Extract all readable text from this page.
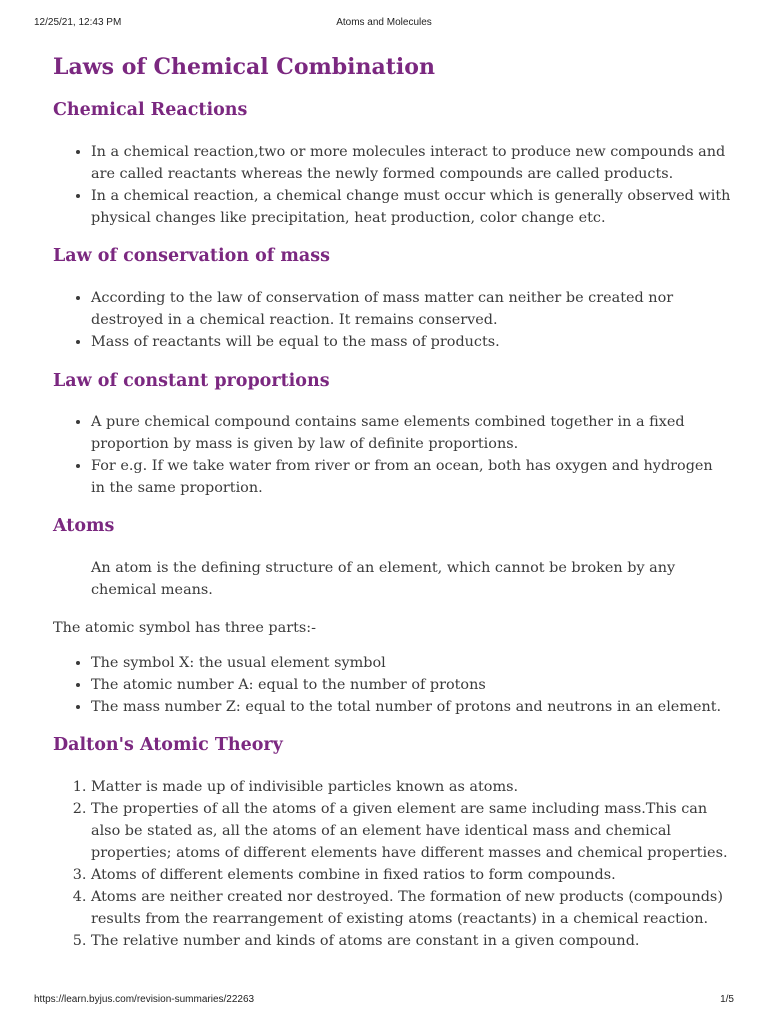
12/25/21, 12:43 PM	Atoms and Molecules
Laws of Chemical Combination
Chemical Reactions
• In a chemical reaction,two or more molecules interact to produce new compounds and are called reactants whereas the newly formed compounds are called products.
• In a chemical reaction, a chemical change must occur which is generally observed with physical changes like precipitation, heat production, color change etc.
Law of conservation of mass
• According to the law of conservation of mass matter can neither be created nor destroyed in a chemical reaction. It remains conserved.
• Mass of reactants will be equal to the mass of products.
Law of constant proportions
• A pure chemical compound contains same elements combined together in a fixed proportion by mass is given by law of definite proportions.
• For e.g. If we take water from river or from an ocean, both has oxygen and hydrogen in the same proportion.
Atoms
An atom is the defining structure of an element, which cannot be broken by any chemical means.
The atomic symbol has three parts:-
• The symbol X: the usual element symbol
• The atomic number A: equal to the number of protons
• The mass number Z: equal to the total number of protons and neutrons in an element.
Dalton's Atomic Theory
1. Matter is made up of indivisible particles known as atoms.
2. The properties of all the atoms of a given element are same including mass.This can also be stated as, all the atoms of an element have identical mass and chemical properties; atoms of different elements have different masses and chemical properties.
3. Atoms of different elements combine in fixed ratios to form compounds.
4. Atoms are neither created nor destroyed. The formation of new products (compounds) results from the rearrangement of existing atoms (reactants) in a chemical reaction.
5. The relative number and kinds of atoms are constant in a given compound.
https://learn.byjus.com/revision-summaries/22263	1/5
